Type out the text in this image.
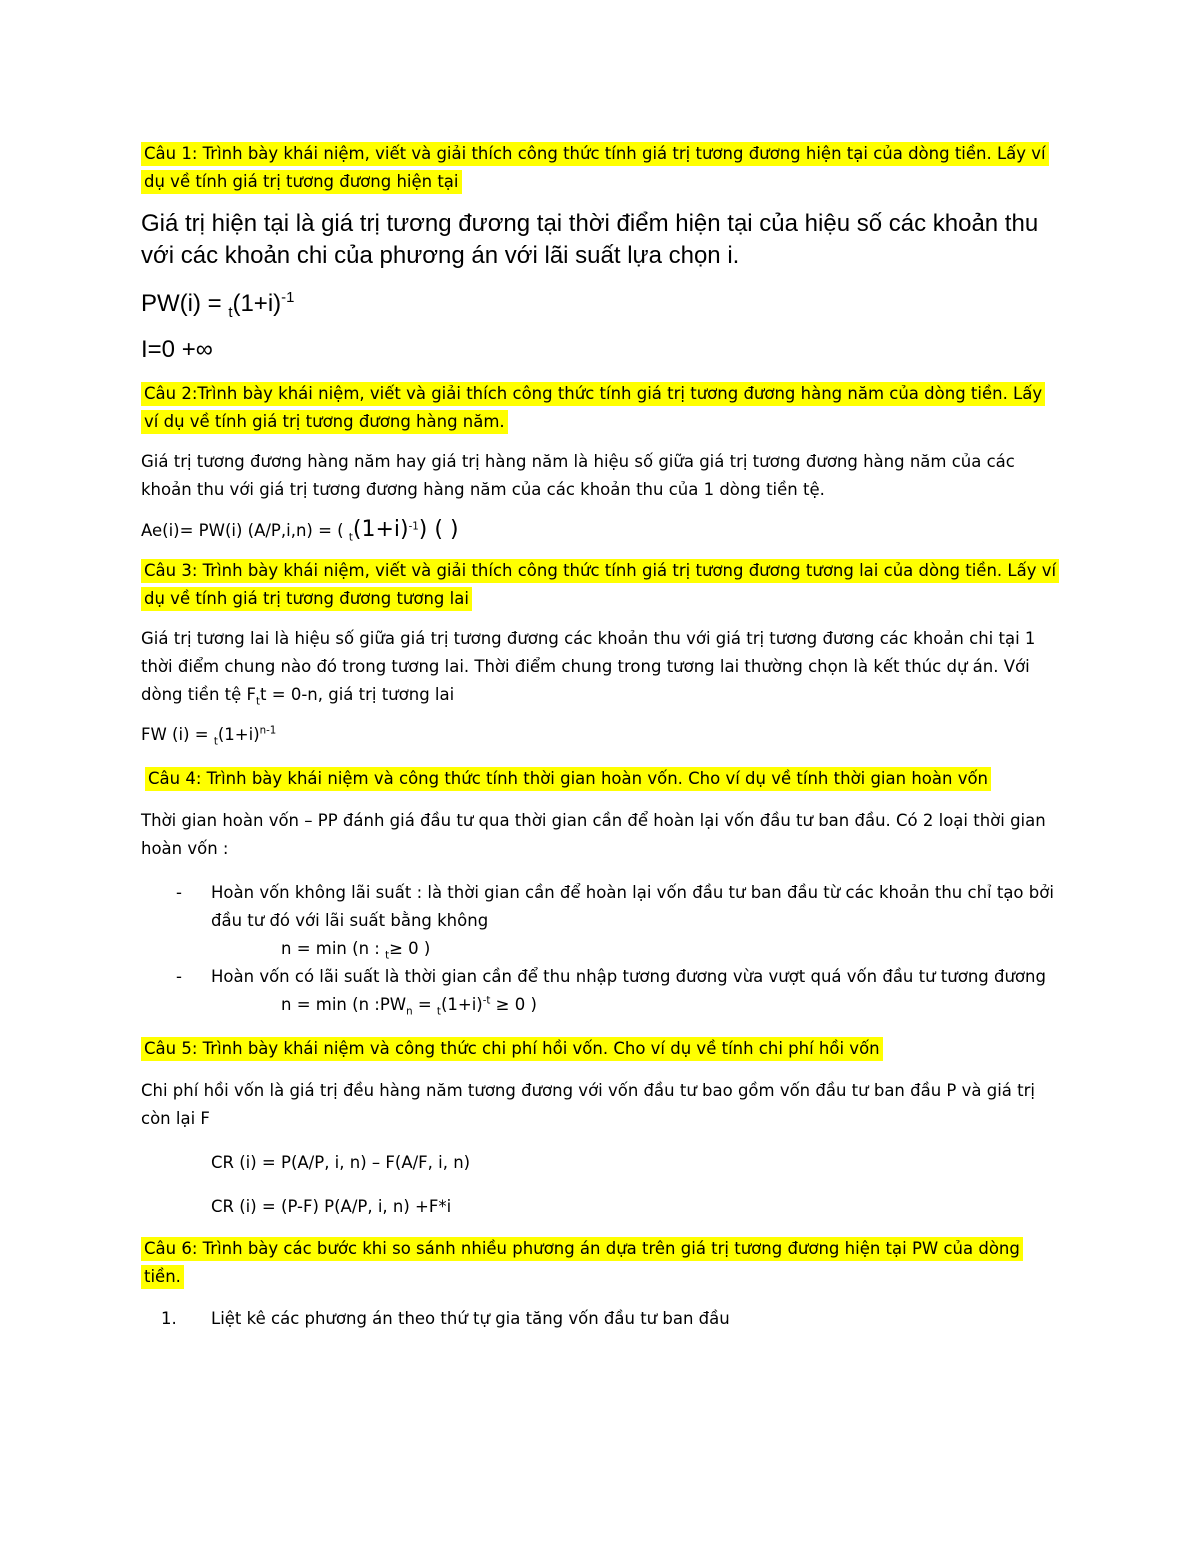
Câu 1: Trình bày khái niệm, viết và giải thích công thức tính giá trị tương đương hiện tại của dòng tiền. Lấy ví dụ về tính giá trị tương đương hiện tại

Giá trị hiện tại là giá trị tương đương tại thời điểm hiện tại của hiệu số các khoản thu với các khoản chi của phương án với lãi suất lựa chọn i.

$PW(i) = _t(1+i)^{-1}$

I=0 +∞

Câu 2:Trình bày khái niệm, viết và giải thích công thức tính giá trị tương đương hàng năm của dòng tiền. Lấy ví dụ về tính giá trị tương đương hàng năm.

Giá trị tương đương hàng năm hay giá trị hàng năm là hiệu số giữa giá trị tương đương hàng năm của các khoản thu với giá trị tương đương hàng năm của các khoản thu của 1 dòng tiền tệ.

Ae(i)= PW(i) (A/P,i,n) = ( $_t(1+i)^{-1}$) ( )

Câu 3: Trình bày khái niệm, viết và giải thích công thức tính giá trị tương đương tương lai của dòng tiền. Lấy ví dụ về tính giá trị tương đương tương lai

Giá trị tương lai là hiệu số giữa giá trị tương đương các khoản thu với giá trị tương đương các khoản chi tại 1 thời điểm chung nào đó trong tương lai. Thời điểm chung trong tương lai thường chọn là kết thúc dự án. Với dòng tiền tệ $F_tt = 0-n$, giá trị tương lai

FW $(i) = _t(1+i)^{n-1}$

Câu 4: Trình bày khái niệm và công thức tính thời gian hoàn vốn. Cho ví dụ về tính thời gian hoàn vốn

Thời gian hoàn vốn – PP đánh giá đầu tư qua thời gian cần để hoàn lại vốn đầu tư ban đầu. Có 2 loại thời gian hoàn vốn :

- Hoàn vốn không lãi suất : là thời gian cần để hoàn lại vốn đầu tư ban đầu từ các khoản thu chỉ tạo bởi đầu tư đó với lãi suất bằng không
n = min (n : $_t$≥ 0 )
- Hoàn vốn có lãi suất là thời gian cần để thu nhập tương đương vừa vượt quá vốn đầu tư tương đương
n = min (n $:PW_n = _t(1+i)^{-t} \ge 0$ )

Câu 5: Trình bày khái niệm và công thức chi phí hồi vốn. Cho ví dụ về tính chi phí hồi vốn

Chi phí hồi vốn là giá trị đều hàng năm tương đương với vốn đầu tư bao gồm vốn đầu tư ban đầu P và giá trị còn lại F

CR (i) = P(A/P, i, n) – F(A/F, i, n)

CR (i) = (P-F) P(A/P, i, n) +F*i

Câu 6: Trình bày các bước khi so sánh nhiều phương án dựa trên giá trị tương đương hiện tại PW của dòng tiền.

1. Liệt kê các phương án theo thứ tự gia tăng vốn đầu tư ban đầu
